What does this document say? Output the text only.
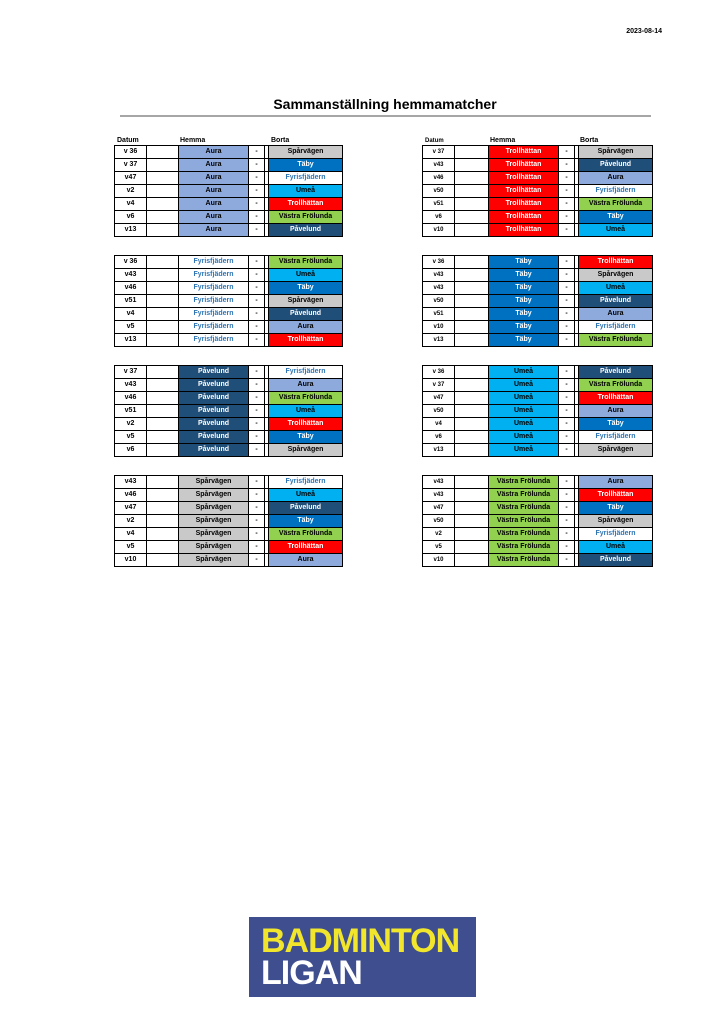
2023-08-14
Sammanställning hemmamatcher
Datum	Hemma	Borta	Datum	Hemma	Borta
v 36		Aura	-		Spårvägen
v 37		Aura	-		Täby
v47		Aura	-		Fyrisfjädern
v2		Aura	-		Umeå
v4		Aura	-		Trollhättan
v6		Aura	-		Västra Frölunda
v13		Aura	-		Påvelund
v 37		Trollhättan	-		Spårvägen
v43		Trollhättan	-		Påvelund
v46		Trollhättan	-		Aura
v50		Trollhättan	-		Fyrisfjädern
v51		Trollhättan	-		Västra Frölunda
v6		Trollhättan	-		Täby
v10		Trollhättan	-		Umeå
v 36		Fyrisfjädern	-		Västra Frölunda
v43		Fyrisfjädern	-		Umeå
v46		Fyrisfjädern	-		Täby
v51		Fyrisfjädern	-		Spårvägen
v4		Fyrisfjädern	-		Påvelund
v5		Fyrisfjädern	-		Aura
v13		Fyrisfjädern	-		Trollhättan
v 36		Täby	-		Trollhättan
v43		Täby	-		Spårvägen
v43		Täby	-		Umeå
v50		Täby	-		Påvelund
v51		Täby	-		Aura
v10		Täby	-		Fyrisfjädern
v13		Täby	-		Västra Frölunda
v 37		Påvelund	-		Fyrisfjädern
v43		Påvelund	-		Aura
v46		Påvelund	-		Västra Frölunda
v51		Påvelund	-		Umeå
v2		Påvelund	-		Trollhättan
v5		Påvelund	-		Täby
v6		Påvelund	-		Spårvägen
v 36		Umeå	-		Påvelund
v 37		Umeå	-		Västra Frölunda
v47		Umeå	-		Trollhättan
v50		Umeå	-		Aura
v4		Umeå	-		Täby
v6		Umeå	-		Fyrisfjädern
v13		Umeå	-		Spårvägen
v43		Spårvägen	-		Fyrisfjädern
v46		Spårvägen	-		Umeå
v47		Spårvägen	-		Påvelund
v2		Spårvägen	-		Täby
v4		Spårvägen	-		Västra Frölunda
v5		Spårvägen	-		Trollhättan
v10		Spårvägen	-		Aura
v43		Västra Frölunda	-		Aura
v43		Västra Frölunda	-		Trollhättan
v47		Västra Frölunda	-		Täby
v50		Västra Frölunda	-		Spårvägen
v2		Västra Frölunda	-		Fyrisfjädern
v5		Västra Frölunda	-		Umeå
v10		Västra Frölunda	-		Påvelund
BADMINTON
LIGAN
